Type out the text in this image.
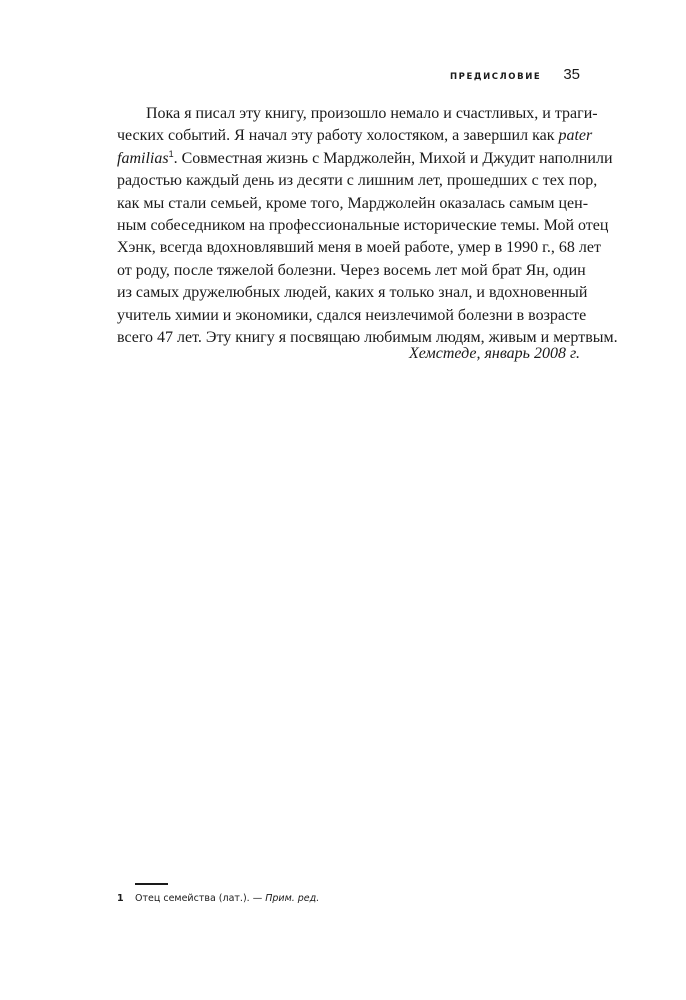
ПРЕДИСЛОВИЕ 35
Пока я писал эту книгу, произошло немало и счастливых, и траги-
ческих событий. Я начал эту работу холостяком, а завершил как pater
familias$^1$. Совместная жизнь с Марджолейн, Михой и Джудит наполнили
радостью каждый день из десяти с лишним лет, прошедших с тех пор,
как мы стали семьей, кроме того, Марджолейн оказалась самым цен-
ным собеседником на профессиональные исторические темы. Мой отец
Хэнк, всегда вдохновлявший меня в моей работе, умер в 1990 г., 68 лет
от роду, после тяжелой болезни. Через восемь лет мой брат Ян, один
из самых дружелюбных людей, каких я только знал, и вдохновенный
учитель химии и экономики, сдался неизлечимой болезни в возрасте
всего 47 лет. Эту книгу я посвящаю любимым людям, живым и мертвым.
Хемстеде, январь 2008 г.
1	Отец семейства (лат.). — Прим. ред.
